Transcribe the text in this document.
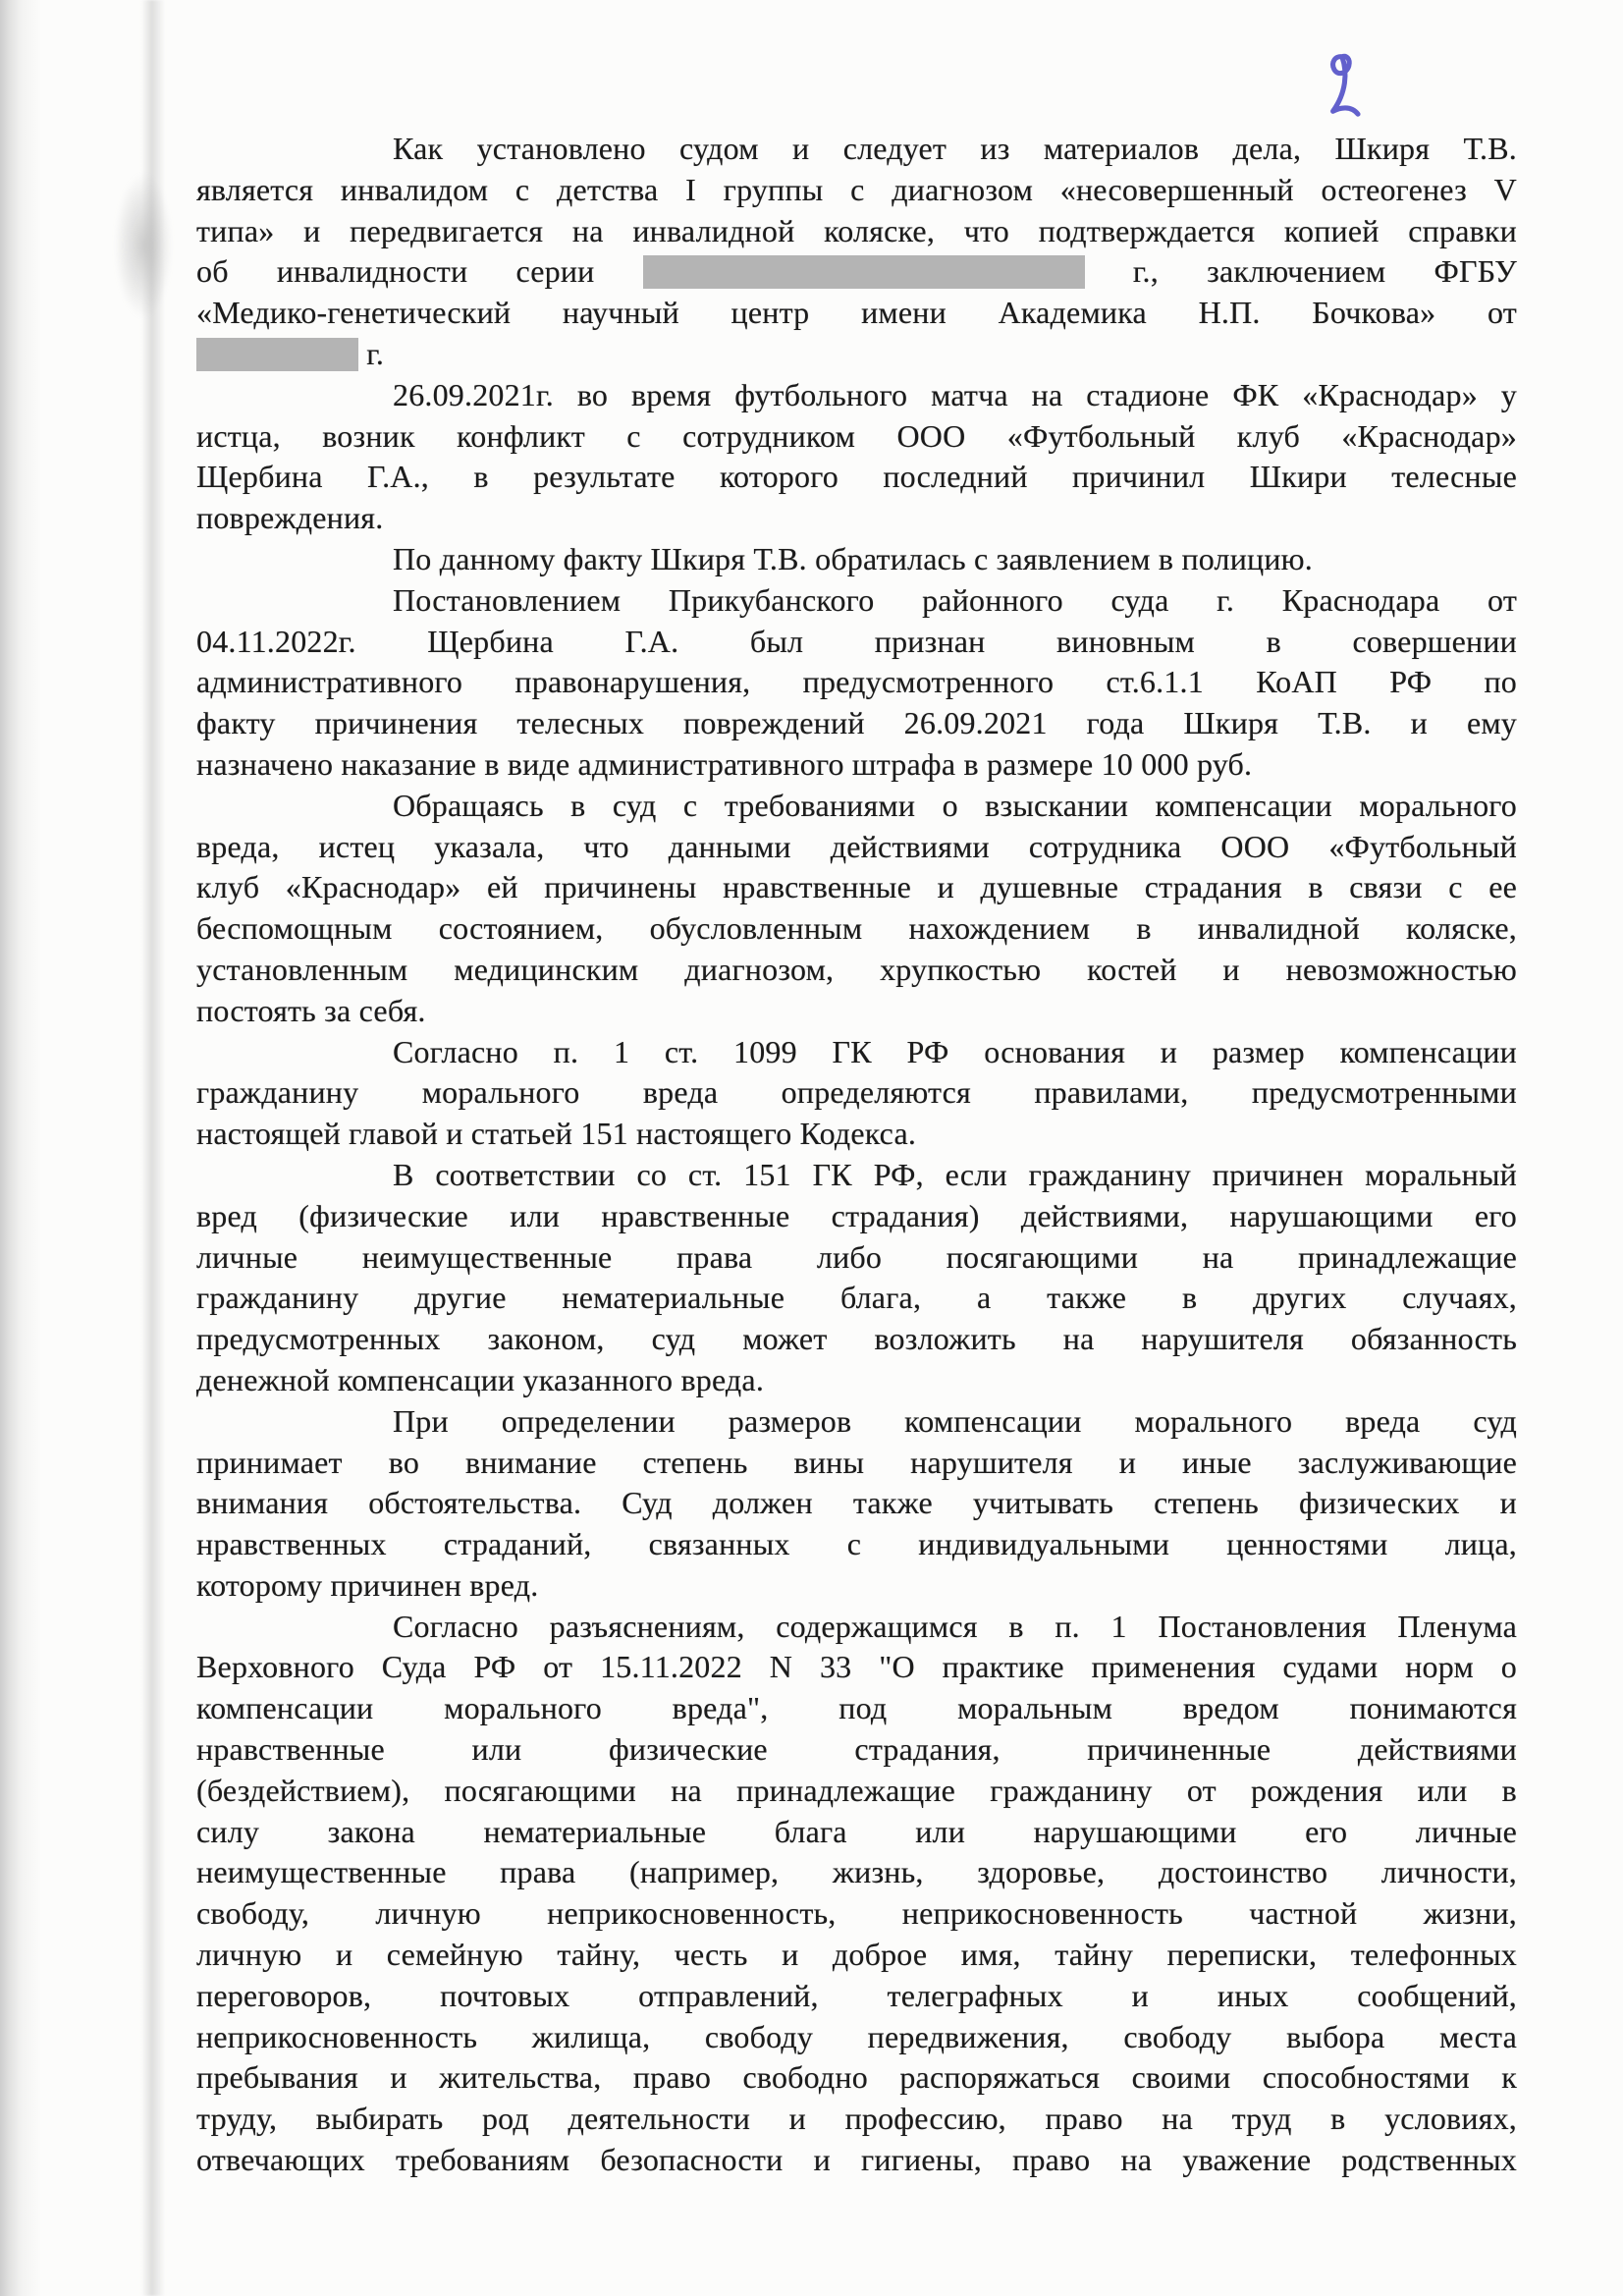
Как установлено судом и следует из материалов дела, Шкиря Т.В.
является инвалидом с детства I группы с диагнозом «несовершенный остеогенез V
типа» и передвигается на инвалидной коляске, что подтверждается копией справки
об инвалидности серии	г., заключением ФГБУ
«Медико-генетический научный центр имени Академика Н.П. Бочкова» от
г.
26.09.2021г. во время футбольного матча на стадионе ФК «Краснодар» у
истца, возник конфликт с сотрудником ООО «Футбольный клуб «Краснодар»
Щербина Г.А., в результате которого последний причинил Шкири телесные
повреждения.
По данному факту Шкиря Т.В. обратилась с заявлением в полицию.
Постановлением Прикубанского районного суда г. Краснодара от
04.11.2022г. Щербина Г.А. был признан виновным в совершении
административного правонарушения, предусмотренного ст.6.1.1 КоАП РФ по
факту причинения телесных повреждений 26.09.2021 года Шкиря Т.В. и ему
назначено наказание в виде административного штрафа в размере 10 000 руб.
Обращаясь в суд с требованиями о взыскании компенсации морального
вреда, истец указала, что данными действиями сотрудника ООО «Футбольный
клуб «Краснодар» ей причинены нравственные и душевные страдания в связи с ее
беспомощным состоянием, обусловленным нахождением в инвалидной коляске,
установленным медицинским диагнозом, хрупкостью костей и невозможностью
постоять за себя.
Согласно п. 1 ст. 1099 ГК РФ основания и размер компенсации
гражданину морального вреда определяются правилами, предусмотренными
настоящей главой и статьей 151 настоящего Кодекса.
В соответствии со ст. 151 ГК РФ, если гражданину причинен моральный
вред (физические или нравственные страдания) действиями, нарушающими его
личные неимущественные права либо посягающими на принадлежащие
гражданину другие нематериальные блага, а также в других случаях,
предусмотренных законом, суд может возложить на нарушителя обязанность
денежной компенсации указанного вреда.
При определении размеров компенсации морального вреда суд
принимает во внимание степень вины нарушителя и иные заслуживающие
внимания обстоятельства. Суд должен также учитывать степень физических и
нравственных страданий, связанных с индивидуальными ценностями лица,
которому причинен вред.
Согласно разъяснениям, содержащимся в п. 1 Постановления Пленума
Верховного Суда РФ от 15.11.2022 N 33 "О практике применения судами норм о
компенсации морального вреда", под моральным вредом понимаются
нравственные или физические страдания, причиненные действиями
(бездействием), посягающими на принадлежащие гражданину от рождения или в
силу закона нематериальные блага или нарушающими его личные
неимущественные права (например, жизнь, здоровье, достоинство личности,
свободу, личную неприкосновенность, неприкосновенность частной жизни,
личную и семейную тайну, честь и доброе имя, тайну переписки, телефонных
переговоров, почтовых отправлений, телеграфных и иных сообщений,
неприкосновенность жилища, свободу передвижения, свободу выбора места
пребывания и жительства, право свободно распоряжаться своими способностями к
труду, выбирать род деятельности и профессию, право на труд в условиях,
отвечающих требованиям безопасности и гигиены, право на уважение родственных
